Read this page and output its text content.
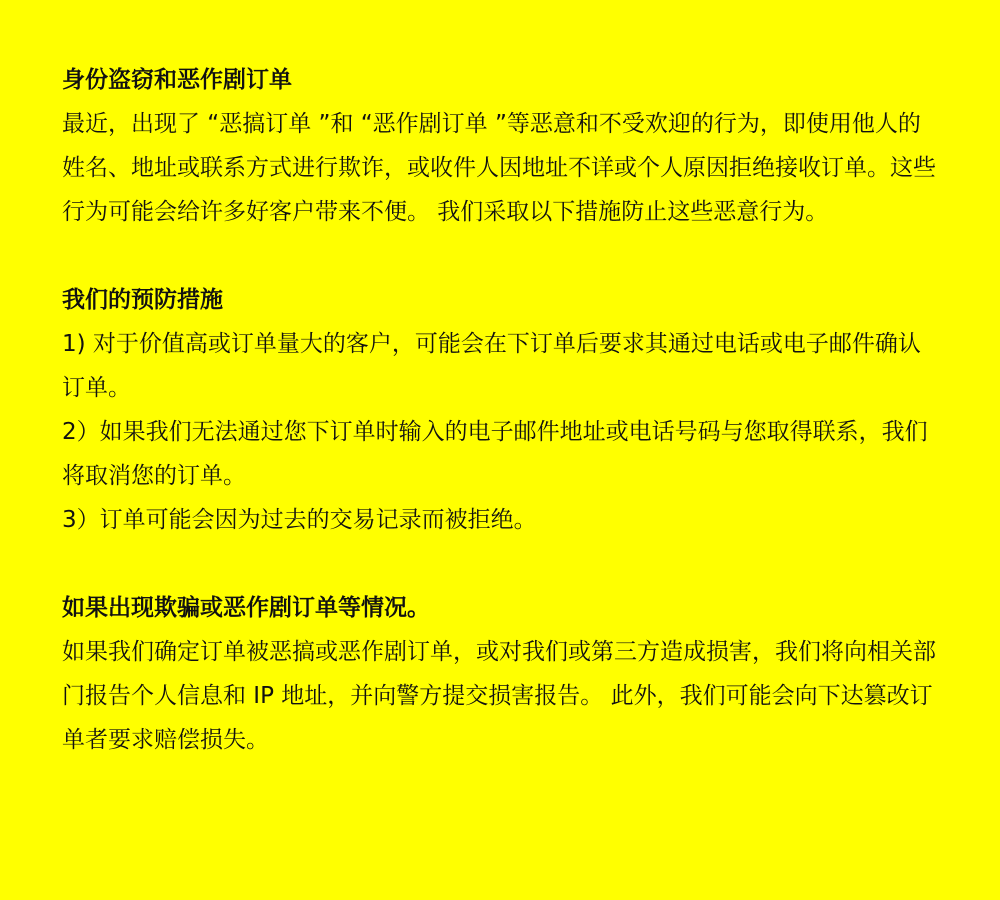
身份盗窃和恶作剧订单

最近，出现了 “恶搞订单 ”和 “恶作剧订单 ”等恶意和不受欢迎的行为，即使用他人的姓名、地址或联系方式进行欺诈，或收件人因地址不详或个人原因拒绝接收订单。这些行为可能会给许多好客户带来不便。 我们采取以下措施防止这些恶意行为。

我们的预防措施

1) 对于价值高或订单量大的客户，可能会在下订单后要求其通过电话或电子邮件确认订单。

2）如果我们无法通过您下订单时输入的电子邮件地址或电话号码与您取得联系，我们将取消您的订单。

3）订单可能会因为过去的交易记录而被拒绝。

如果出现欺骗或恶作剧订单等情况。

如果我们确定订单被恶搞或恶作剧订单，或对我们或第三方造成损害，我们将向相关部门报告个人信息和 IP 地址，并向警方提交损害报告。 此外，我们可能会向下达篡改订单者要求赔偿损失。
